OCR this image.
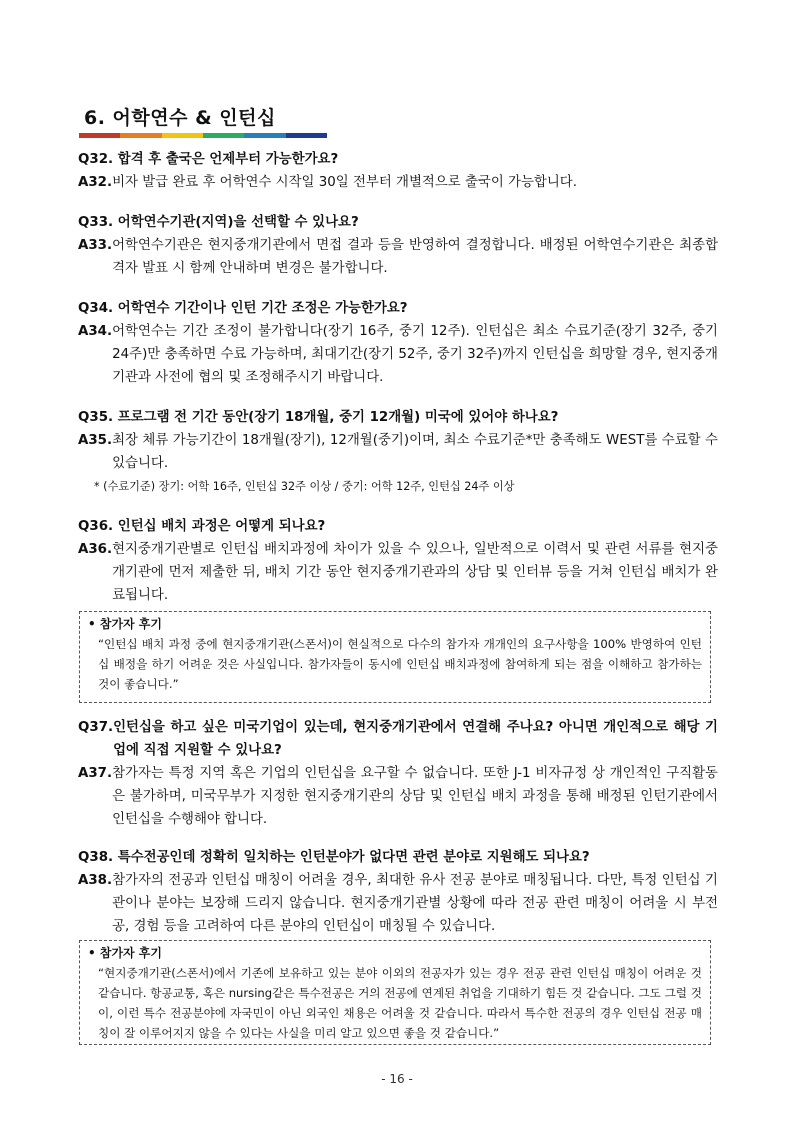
6. 어학연수 & 인턴십
Q32. 합격 후 출국은 언제부터 가능한가요?
A32. 비자 발급 완료 후 어학연수 시작일 30일 전부터 개별적으로 출국이 가능합니다.
Q33. 어학연수기관(지역)을 선택할 수 있나요?
A33. 어학연수기관은 현지중개기관에서 면접 결과 등을 반영하여 결정합니다. 배정된 어학연수기관은 최종합격자 발표 시 함께 안내하며 변경은 불가합니다.
Q34. 어학연수 기간이나 인턴 기간 조정은 가능한가요?
A34. 어학연수는 기간 조정이 불가합니다(장기 16주, 중기 12주). 인턴십은 최소 수료기준(장기 32주, 중기 24주)만 충족하면 수료 가능하며, 최대기간(장기 52주, 중기 32주)까지 인턴십을 희망할 경우, 현지중개기관과 사전에 협의 및 조정해주시기 바랍니다.
Q35. 프로그램 전 기간 동안(장기 18개월, 중기 12개월) 미국에 있어야 하나요?
A35. 최장 체류 가능기간이 18개월(장기), 12개월(중기)이며, 최소 수료기준*만 충족해도 WEST를 수료할 수 있습니다.
* (수료기준) 장기: 어학 16주, 인턴십 32주 이상 / 중기: 어학 12주, 인턴십 24주 이상
Q36. 인턴십 배치 과정은 어떻게 되나요?
A36. 현지중개기관별로 인턴십 배치과정에 차이가 있을 수 있으나, 일반적으로 이력서 및 관련 서류를 현지중개기관에 먼저 제출한 뒤, 배치 기간 동안 현지중개기관과의 상담 및 인터뷰 등을 거쳐 인턴십 배치가 완료됩니다.
• 참가자 후기
“인턴십 배치 과정 중에 현지중개기관(스폰서)이 현실적으로 다수의 참가자 개개인의 요구사항을 100% 반영하여 인턴십 배정을 하기 어려운 것은 사실입니다. 참가자들이 동시에 인턴십 배치과정에 참여하게 되는 점을 이해하고 참가하는 것이 좋습니다.”
Q37. 인턴십을 하고 싶은 미국기업이 있는데, 현지중개기관에서 연결해 주나요? 아니면 개인적으로 해당 기업에 직접 지원할 수 있나요?
A37. 참가자는 특정 지역 혹은 기업의 인턴십을 요구할 수 없습니다. 또한 J-1 비자규정 상 개인적인 구직활동은 불가하며, 미국무부가 지정한 현지중개기관의 상담 및 인턴십 배치 과정을 통해 배정된 인턴기관에서 인턴십을 수행해야 합니다.
Q38. 특수전공인데 정확히 일치하는 인턴분야가 없다면 관련 분야로 지원해도 되나요?
A38. 참가자의 전공과 인턴십 매칭이 어려울 경우, 최대한 유사 전공 분야로 매칭됩니다. 다만, 특정 인턴십 기관이나 분야는 보장해 드리지 않습니다. 현지중개기관별 상황에 따라 전공 관련 매칭이 어려울 시 부전공, 경험 등을 고려하여 다른 분야의 인턴십이 매칭될 수 있습니다.
• 참가자 후기
“현지중개기관(스폰서)에서 기존에 보유하고 있는 분야 이외의 전공자가 있는 경우 전공 관련 인턴십 매칭이 어려운 것 같습니다. 항공교통, 혹은 nursing같은 특수전공은 거의 전공에 연계된 취업을 기대하기 힘든 것 같습니다. 그도 그럴 것이, 이런 특수 전공분야에 자국민이 아닌 외국인 채용은 어려울 것 같습니다. 따라서 특수한 전공의 경우 인턴십 전공 매칭이 잘 이루어지지 않을 수 있다는 사실을 미리 알고 있으면 좋을 것 같습니다.”
- 16 -
